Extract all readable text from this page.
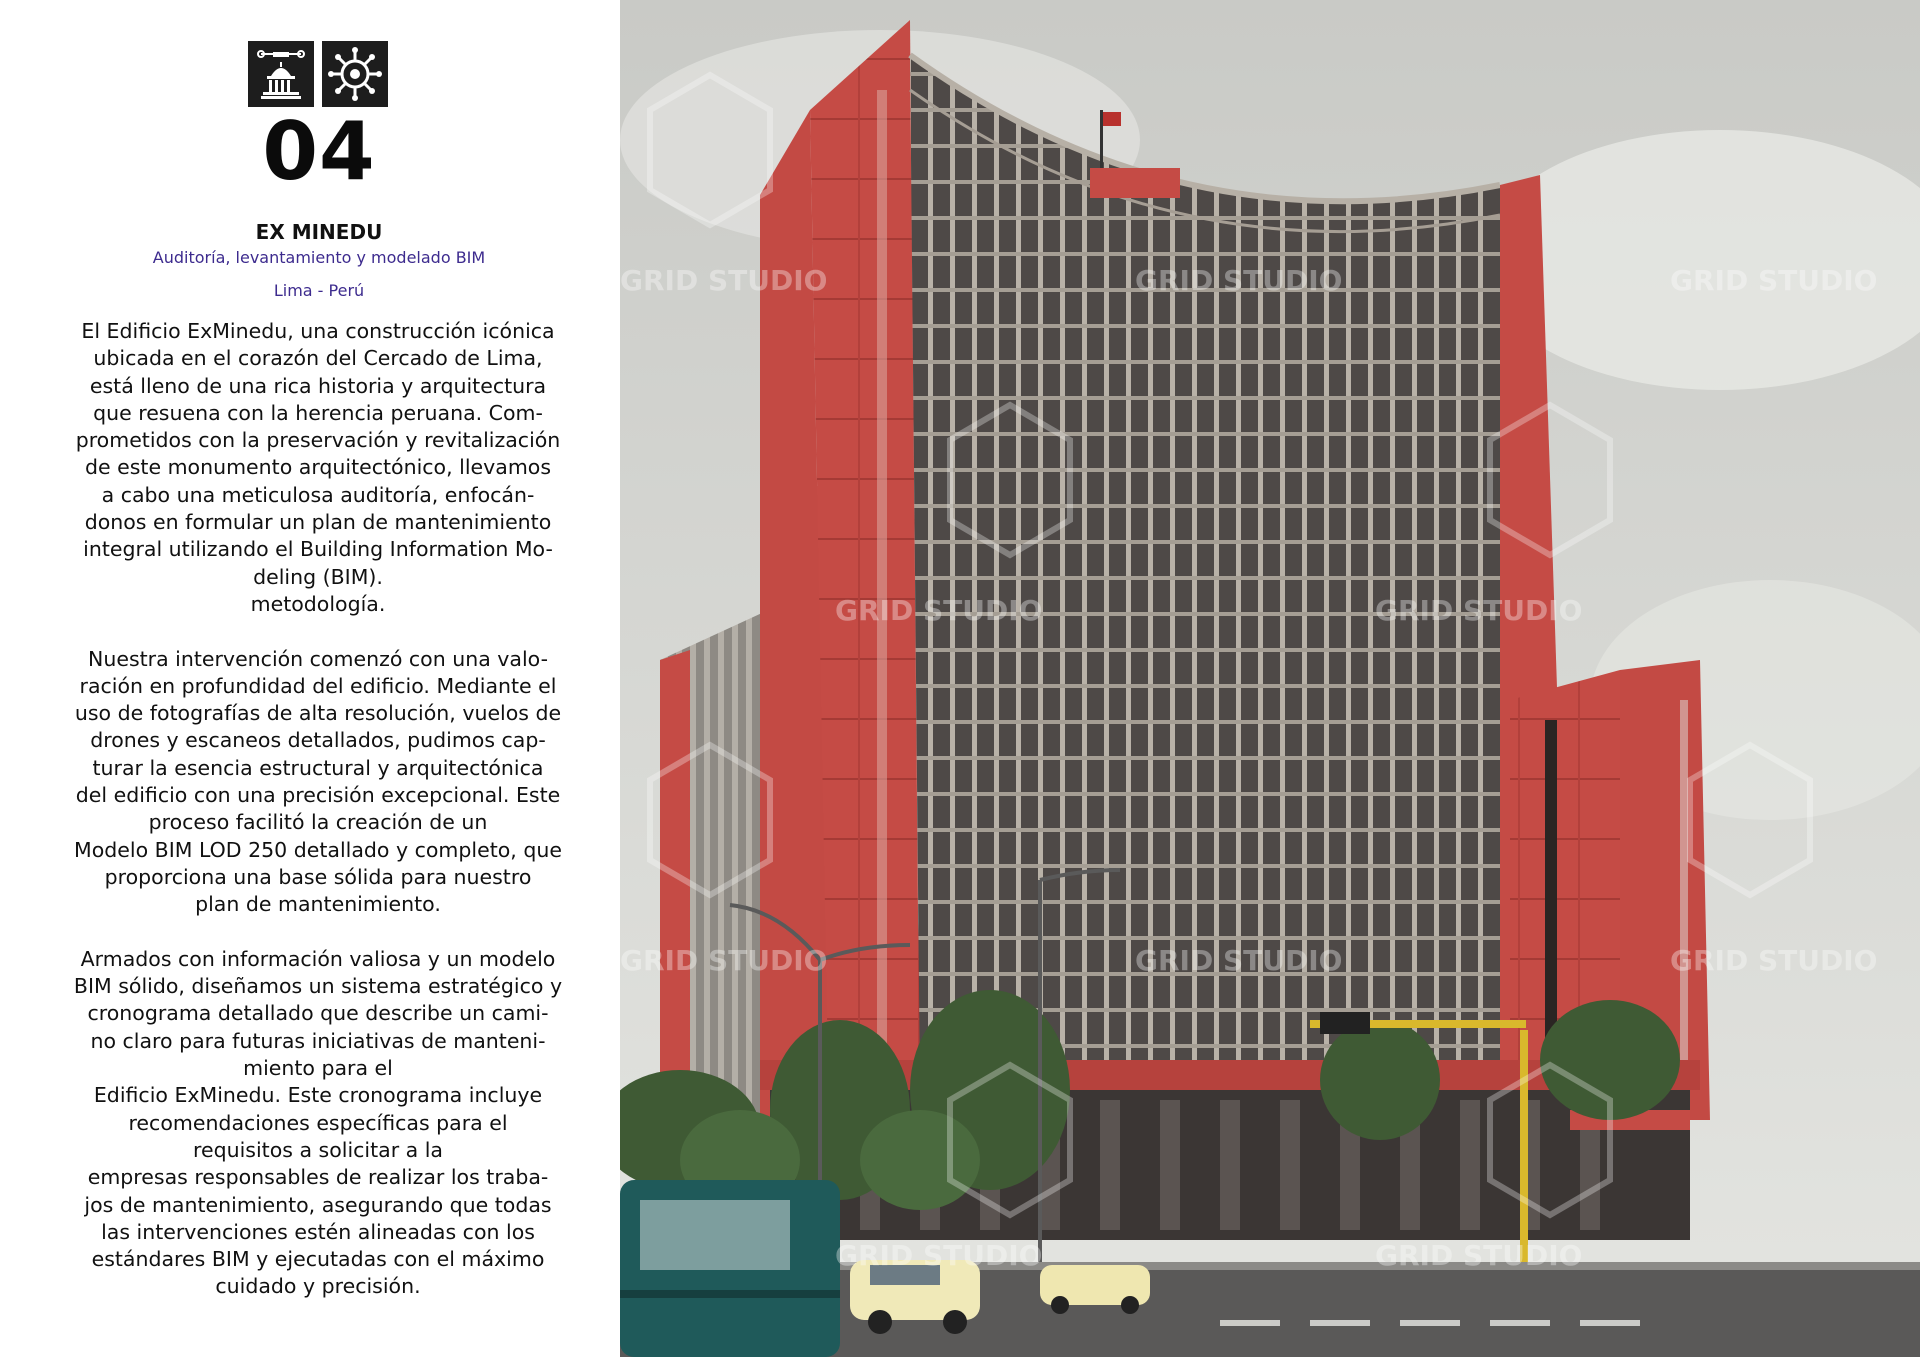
04
EX MINEDU
Auditoría, levantamiento y modelado BIM
Lima - Perú

El Edificio ExMinedu, una construcción icónica

ubicada en el corazón del Cercado de Lima,

está lleno de una rica historia y arquitectura

que resuena con la herencia peruana. Com-

prometidos con la preservación y revitalización

de este monumento arquitectónico, llevamos

a cabo una meticulosa auditoría, enfocán-

donos en formular un plan de mantenimiento

integral utilizando el Building Information Mo-

deling (BIM).

metodología.

Nuestra intervención comenzó con una valo-

ración en profundidad del edificio. Mediante el

uso de fotografías de alta resolución, vuelos de

drones y escaneos detallados, pudimos cap-

turar la esencia estructural y arquitectónica

del edificio con una precisión excepcional. Este

proceso facilitó la creación de un

Modelo BIM LOD 250 detallado y completo, que

proporciona una base sólida para nuestro

plan de mantenimiento.

Armados con información valiosa y un modelo

BIM sólido, diseñamos un sistema estratégico y

cronograma detallado que describe un cami-

no claro para futuras iniciativas de manteni-

miento para el

Edificio ExMinedu. Este cronograma incluye

recomendaciones específicas para el

requisitos a solicitar a la

empresas responsables de realizar los traba-

jos de mantenimiento, asegurando que todas

las intervenciones estén alineadas con los

estándares BIM y ejecutadas con el máximo

cuidado y precisión.

GRID STUDIO	GRID STUDIO	GRID STUDIO
GRID STUDIO	GRID STUDIO
GRID STUDIO	GRID STUDIO	GRID STUDIO
GRID STUDIO	GRID STUDIO
